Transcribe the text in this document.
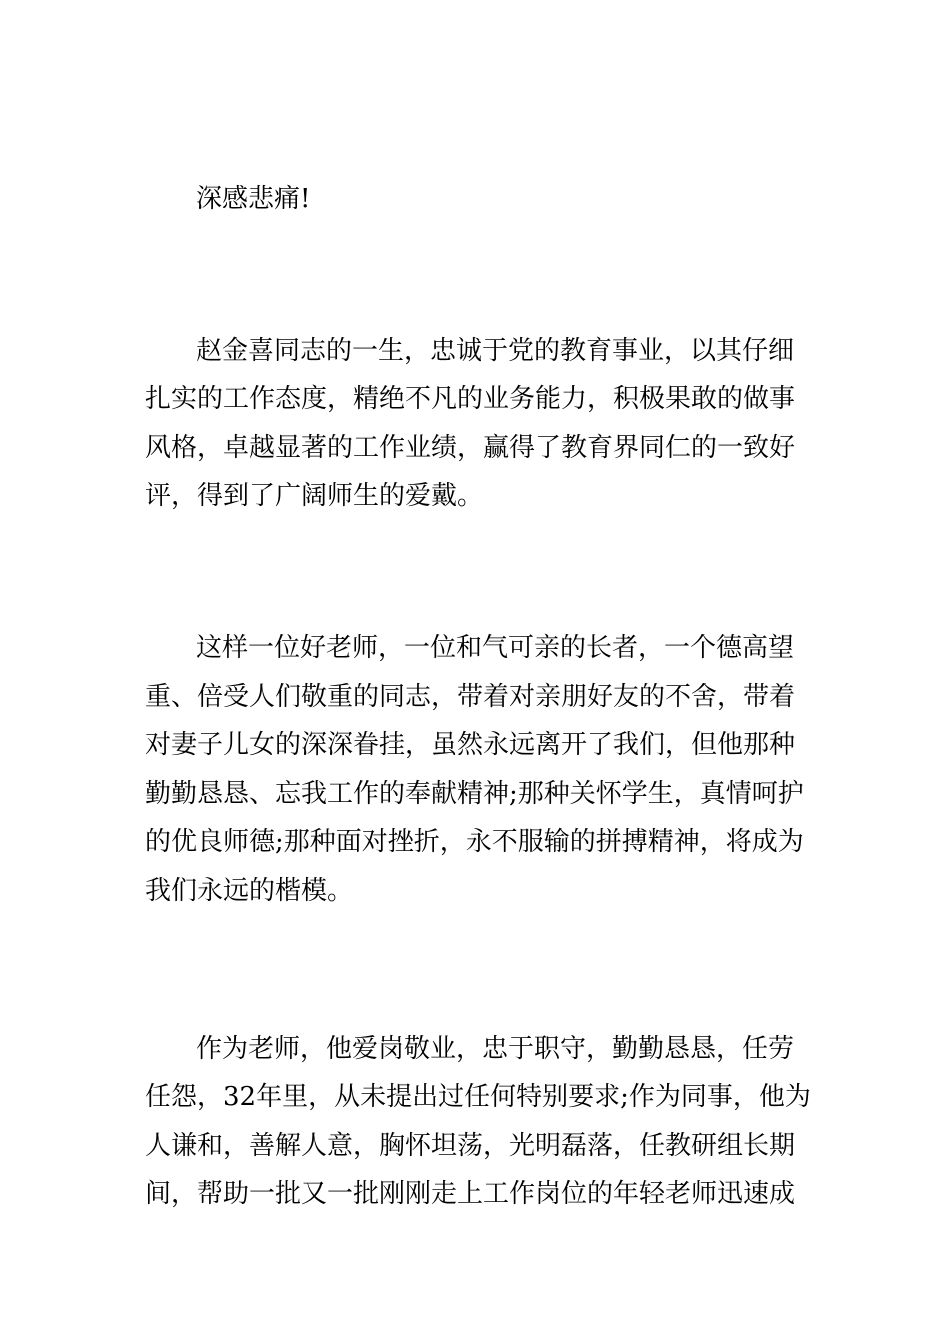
深感悲痛!

赵金喜同志的一生，忠诚于党的教育事业，以其仔细

扎实的工作态度，精绝不凡的业务能力，积极果敢的做事

风格，卓越显著的工作业绩，赢得了教育界同仁的一致好

评，得到了广阔师生的爱戴。

这样一位好老师，一位和气可亲的长者，一个德高望

重、倍受人们敬重的同志，带着对亲朋好友的不舍，带着

对妻子儿女的深深眷挂，虽然永远离开了我们，但他那种

勤勤恳恳、忘我工作的奉献精神;那种关怀学生，真情呵护

的优良师德;那种面对挫折，永不服输的拼搏精神，将成为

我们永远的楷模。

作为老师，他爱岗敬业，忠于职守，勤勤恳恳，任劳

任怨，32年里，从未提出过任何特别要求;作为同事，他为

人谦和，善解人意，胸怀坦荡，光明磊落，任教研组长期

间，帮助一批又一批刚刚走上工作岗位的年轻老师迅速成
